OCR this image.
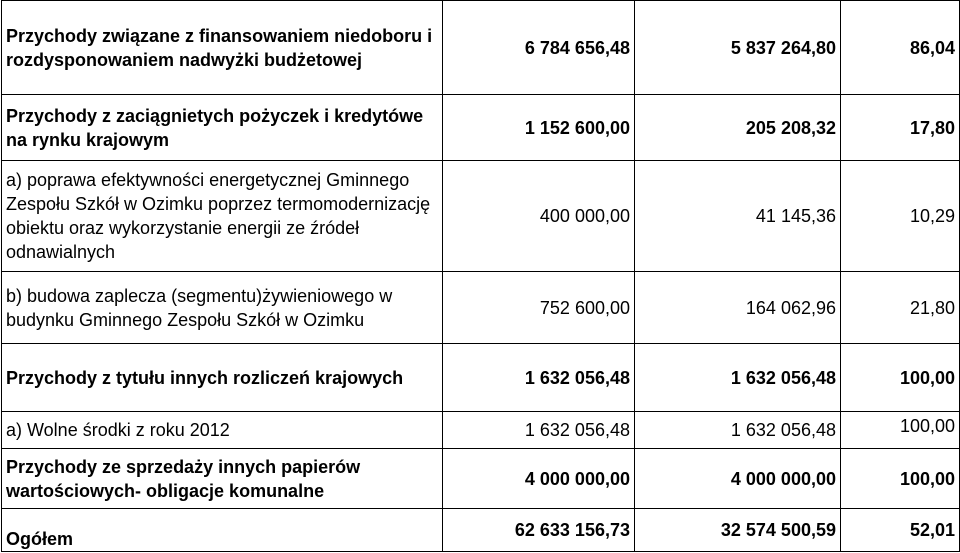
Przychody związane z finansowaniem niedoboru i rozdysponowaniem nadwyżki budżetowej	6 784 656,48	5 837 264,80	86,04
Przychody z zaciągnietych pożyczek i kredytówe na rynku krajowym	1 152 600,00	205 208,32	17,80
a) poprawa efektywności energetycznej Gminnego Zespołu Szkół w Ozimku poprzez termomodernizację obiektu oraz wykorzystanie energii ze źródeł odnawialnych	400 000,00	41 145,36	10,29
b) budowa zaplecza (segmentu)żywieniowego w budynku Gminnego Zespołu Szkół w Ozimku	752 600,00	164 062,96	21,80
Przychody z tytułu innych rozliczeń krajowych	1 632 056,48	1 632 056,48	100,00
a) Wolne środki z roku 2012	1 632 056,48	1 632 056,48	100,00
Przychody ze sprzedaży innych papierów wartościowych- obligacje komunalne	4 000 000,00	4 000 000,00	100,00
Ogółem	62 633 156,73	32 574 500,59	52,01
